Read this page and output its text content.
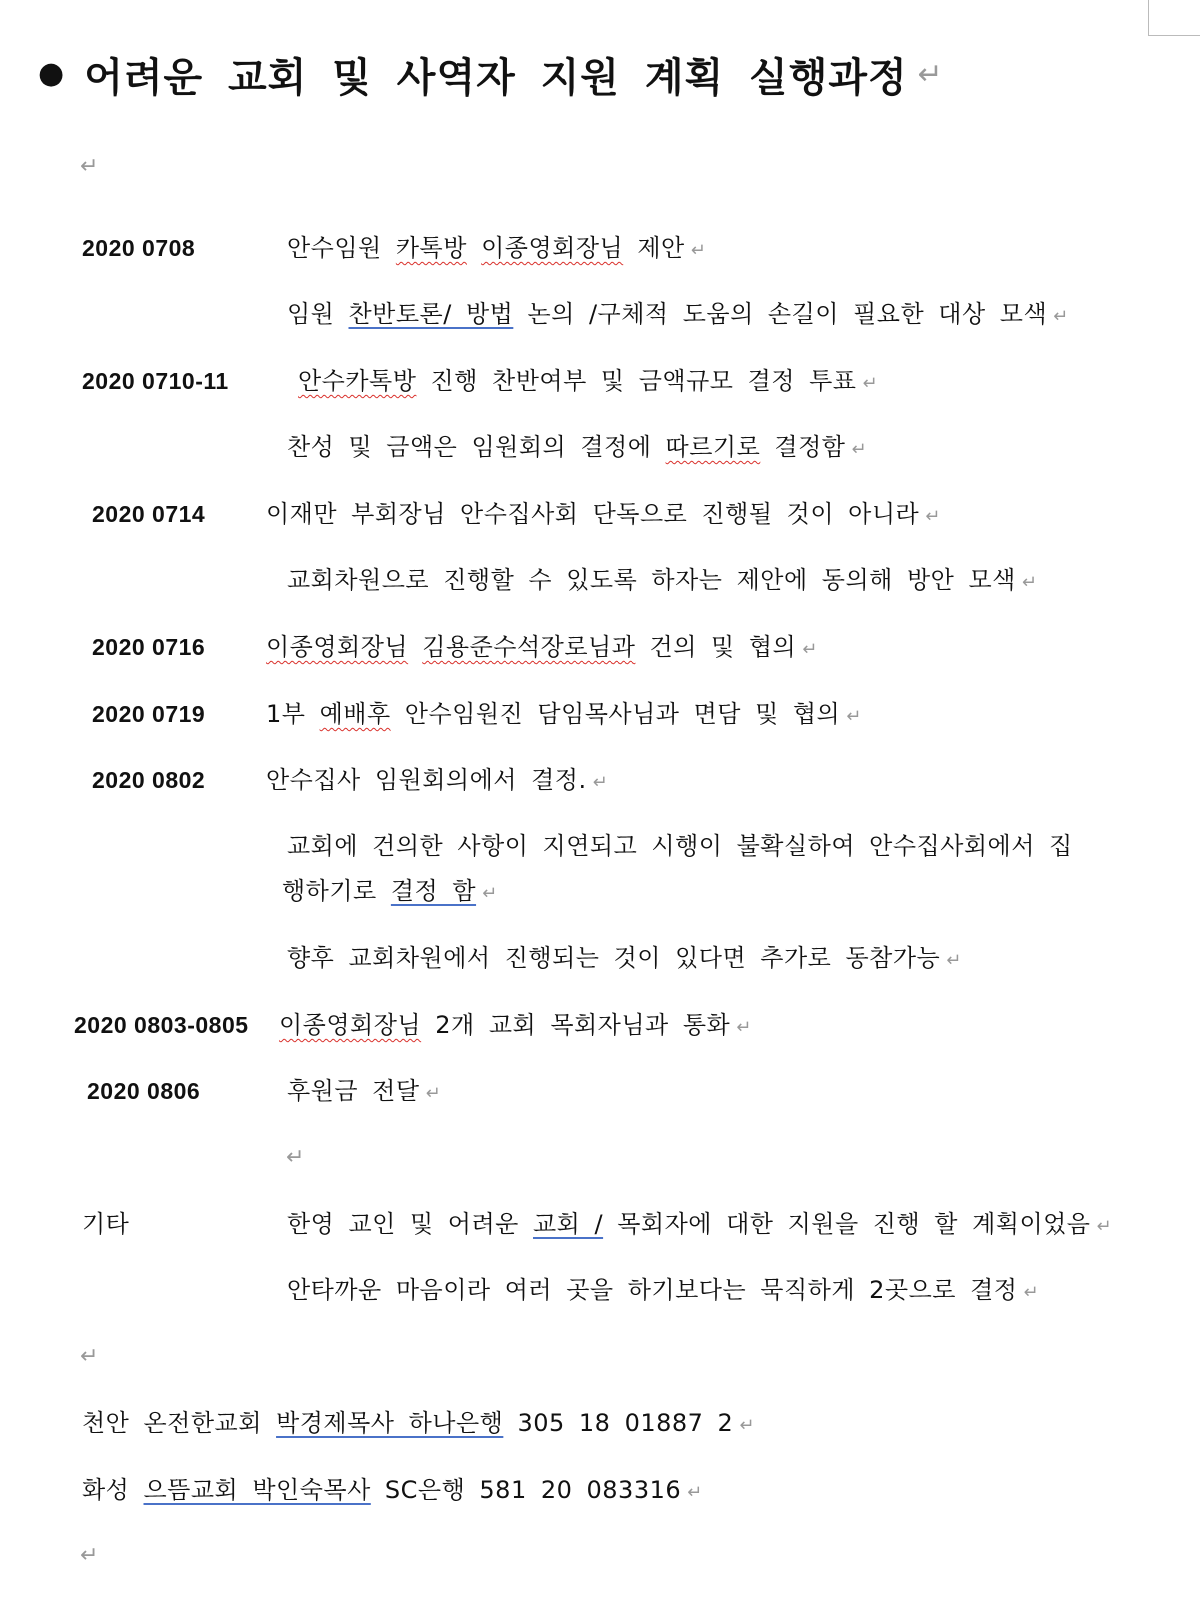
● 어려운 교회 및 사역자 지원 계획 실행과정 ↵
↵
2020 0708	안수임원 카톡방 이종영회장님 제안 ↵
임원 찬반토론/ 방법 논의 /구체적 도움의 손길이 필요한 대상 모색 ↵
2020 0710-11	안수카톡방 진행 찬반여부 및 금액규모 결정 투표 ↵
찬성 및 금액은 임원회의 결정에 따르기로 결정함 ↵
2020 0714	이재만 부회장님 안수집사회 단독으로 진행될 것이 아니라 ↵
교회차원으로 진행할 수 있도록 하자는 제안에 동의해 방안 모색 ↵
2020 0716	이종영회장님 김용준수석장로님과 건의 및 협의 ↵
2020 0719	1부 예배후 안수임원진 담임목사님과 면담 및 협의 ↵
2020 0802	안수집사 임원회의에서 결정. ↵
교회에 건의한 사항이 지연되고 시행이 불확실하여 안수집사회에서 집
행하기로 결정 함 ↵
향후 교회차원에서 진행되는 것이 있다면 추가로 동참가능 ↵
2020 0803-0805 이종영회장님 2개 교회 목회자님과 통화 ↵
2020 0806	후원금 전달 ↵
↵
기타	한영 교인 및 어려운 교회 / 목회자에 대한 지원을 진행 할 계획이었음 ↵
안타까운 마음이라 여러 곳을 하기보다는 묵직하게 2곳으로 결정 ↵
↵
천안 온전한교회 박경제목사 하나은행 305 18 01887 2 ↵
화성 으뜸교회 박인숙목사 SC은행 581 20 083316 ↵
↵
